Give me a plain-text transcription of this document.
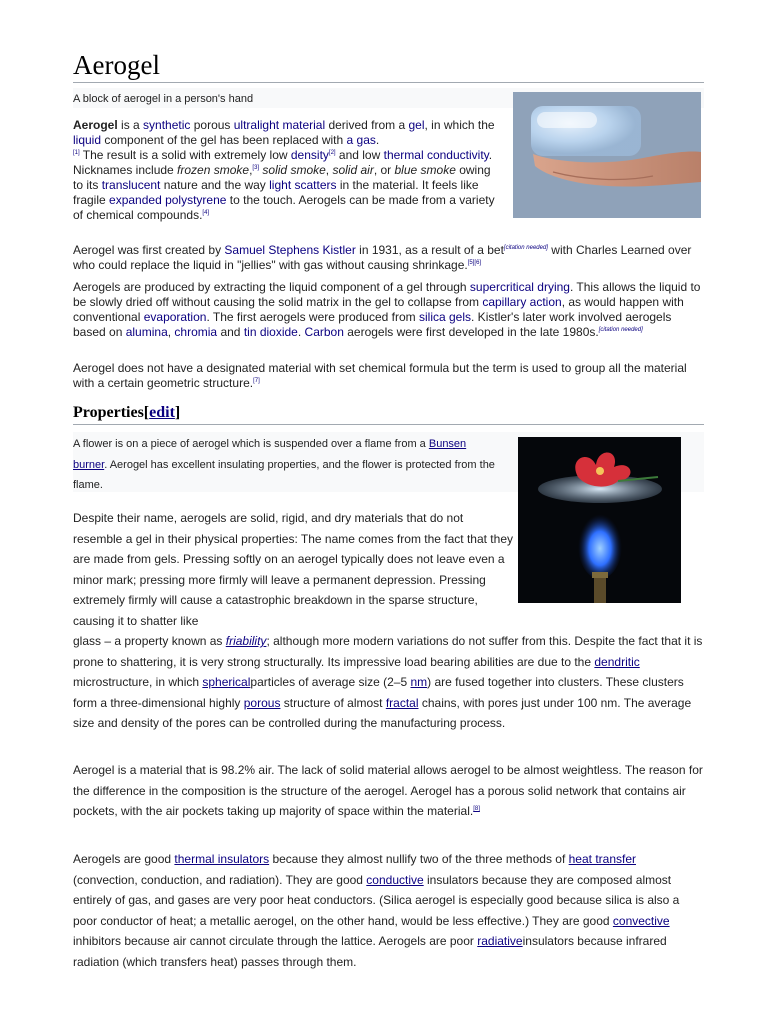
Aerogel
A block of aerogel in a person's hand
Aerogel is a synthetic porous ultralight material derived from a gel, in which the liquid component of the gel has been replaced with a gas.
[1] The result is a solid with extremely low density[2] and low thermal conductivity. Nicknames include frozen smoke,[3] solid smoke, solid air, or blue smoke owing to its translucent nature and the way light scatters in the material. It feels like fragile expanded polystyrene to the touch. Aerogels can be made from a variety of chemical compounds.[4]
Aerogel was first created by Samuel Stephens Kistler in 1931, as a result of a bet[citation needed] with Charles Learned over who could replace the liquid in "jellies" with gas without causing shrinkage.[5][6]
Aerogels are produced by extracting the liquid component of a gel through supercritical drying. This allows the liquid to be slowly dried off without causing the solid matrix in the gel to collapse from capillary action, as would happen with conventional evaporation. The first aerogels were produced from silica gels. Kistler's later work involved aerogels based on alumina, chromia and tin dioxide. Carbon aerogels were first developed in the late 1980s.[citation needed]
Aerogel does not have a designated material with set chemical formula but the term is used to group all the material with a certain geometric structure.[7]
Properties[edit]
A flower is on a piece of aerogel which is suspended over a flame from a Bunsen burner. Aerogel has excellent insulating properties, and the flower is protected from the flame.
Despite their name, aerogels are solid, rigid, and dry materials that do not resemble a gel in their physical properties: The name comes from the fact that they are made from gels. Pressing softly on an aerogel typically does not leave even a minor mark; pressing more firmly will leave a permanent depression. Pressing extremely firmly will cause a catastrophic breakdown in the sparse structure, causing it to shatter like
glass – a property known as friability; although more modern variations do not suffer from this. Despite the fact that it is prone to shattering, it is very strong structurally. Its impressive load bearing abilities are due to the dendritic microstructure, in which sphericalparticles of average size (2–5 nm) are fused together into clusters. These clusters form a three-dimensional highly porous structure of almost fractal chains, with pores just under 100 nm. The average size and density of the pores can be controlled during the manufacturing process.
Aerogel is a material that is 98.2% air. The lack of solid material allows aerogel to be almost weightless. The reason for the difference in the composition is the structure of the aerogel. Aerogel has a porous solid network that contains air pockets, with the air pockets taking up majority of space within the material.[8]
Aerogels are good thermal insulators because they almost nullify two of the three methods of heat transfer (convection, conduction, and radiation). They are good conductive insulators because they are composed almost entirely of gas, and gases are very poor heat conductors. (Silica aerogel is especially good because silica is also a poor conductor of heat; a metallic aerogel, on the other hand, would be less effective.) They are good convective inhibitors because air cannot circulate through the lattice. Aerogels are poor radiativeinsulators because infrared radiation (which transfers heat) passes through them.
